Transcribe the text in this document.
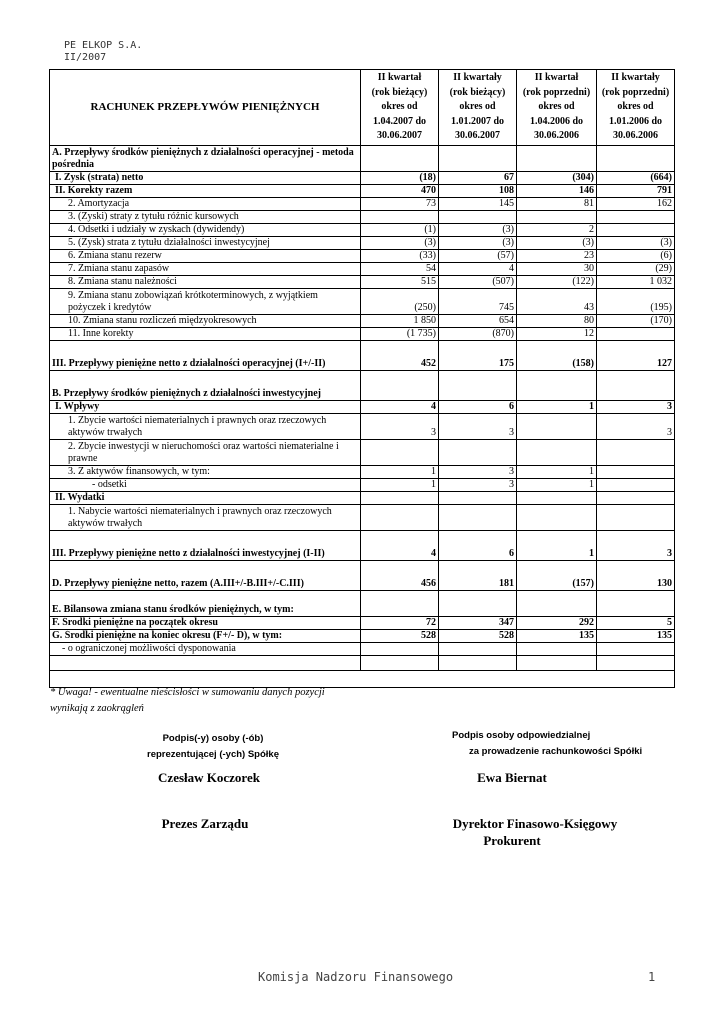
PE ELKOP S.A.
II/2007
RACHUNEK PRZEPŁYWÓW PIENIĘŻNYCH	II kwartał
(rok bieżący)
okres od
1.04.2007 do
30.06.2007	II kwartały
(rok bieżący)
okres od
1.01.2007 do
30.06.2007	II kwartał
(rok poprzedni)
okres od
1.04.2006 do
30.06.2006	II kwartały
(rok poprzedni)
okres od
1.01.2006 do
30.06.2006
A. Przepływy środków pieniężnych z działalności operacyjnej - metoda pośrednia				
I. Zysk (strata) netto	(18)	67	(304)	(664)
II. Korekty razem	470	108	146	791
2. Amortyzacja	73	145	81	162
3. (Zyski) straty z tytułu różnic kursowych				
4. Odsetki i udziały w zyskach (dywidendy)	(1)	(3)	2	
5. (Zysk) strata z tytułu działalności inwestycyjnej	(3)	(3)	(3)	(3)
6. Zmiana stanu rezerw	(33)	(57)	23	(6)
7. Zmiana stanu zapasów	54	4	30	(29)
8. Zmiana stanu należności	515	(507)	(122)	1 032
9. Zmiana stanu zobowiązań krótkoterminowych, z wyjątkiem pożyczek i kredytów	(250)	745	43	(195)
10. Zmiana stanu rozliczeń międzyokresowych	1 850	654	80	(170)
11. Inne korekty	(1 735)	(870)	12	
III. Przepływy pieniężne netto z działalności operacyjnej (I+/-II)	452	175	(158)	127
B. Przepływy środków pieniężnych z działalności inwestycyjnej				
I. Wpływy	4	6	1	3
1. Zbycie wartości niematerialnych i prawnych oraz rzeczowych aktywów trwałych	3	3		3
2. Zbycie inwestycji w nieruchomości oraz wartości niematerialne i prawne				
3. Z aktywów finansowych, w tym:	1	3	1	
- odsetki	1	3	1	
II. Wydatki				
1. Nabycie wartości niematerialnych i prawnych oraz rzeczowych aktywów trwałych				
III. Przepływy pieniężne netto z działalności inwestycyjnej (I-II)	4	6	1	3
D. Przepływy pieniężne netto, razem (A.III+/-B.III+/-C.III)	456	181	(157)	130
E. Bilansowa zmiana stanu środków pieniężnych, w tym:				
F. Środki pieniężne na początek okresu	72	347	292	5
G. Środki pieniężne na koniec okresu (F+/- D), w tym:	528	528	135	135
- o ograniczonej możliwości dysponowania				

* Uwaga! - ewentualne nieścisłości w sumowaniu danych pozycji
wynikają z zaokrągleń
Podpis(-y) osoby (-ób)
reprezentującej (-ych) Spółkę
Czesław Koczorek
Prezes Zarządu
Podpis osoby odpowiedzialnej
za prowadzenie rachunkowości Spółki
Ewa Biernat
Dyrektor Finasowo-Księgowy
Prokurent
Komisja Nadzoru Finansowego	1
